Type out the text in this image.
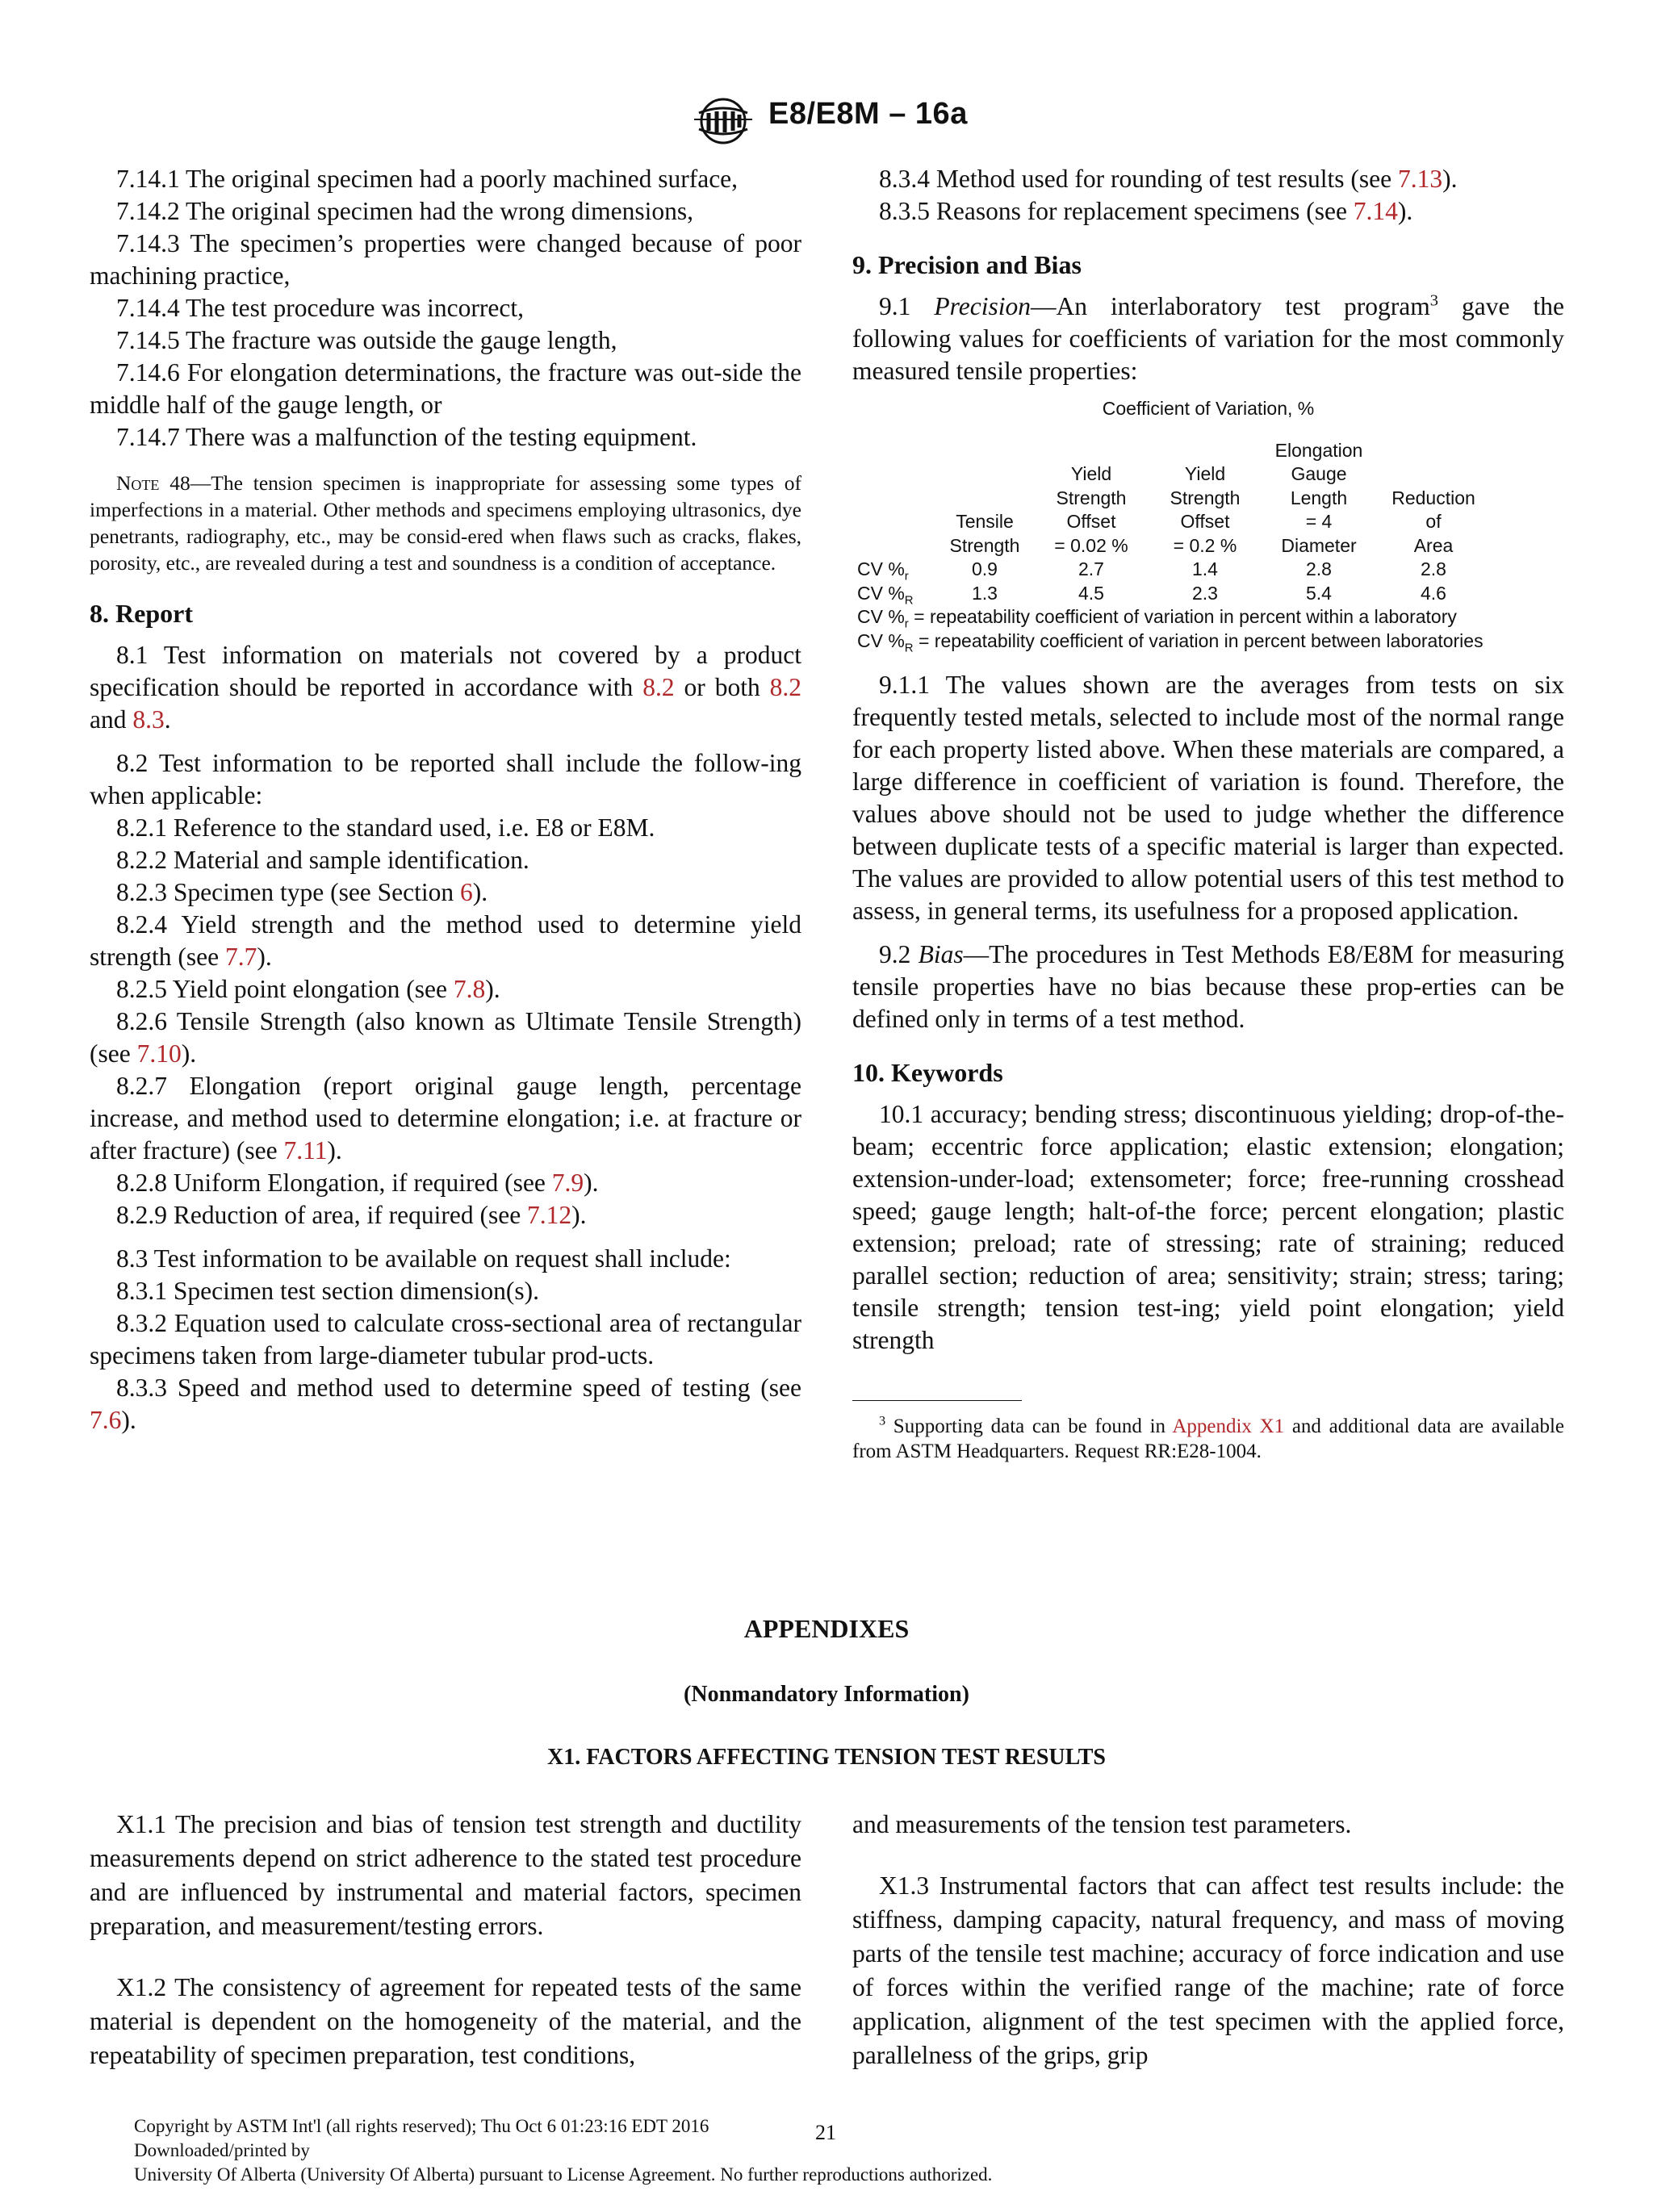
E8/E8M – 16a

7.14.1 The original specimen had a poorly machined surface,

7.14.2 The original specimen had the wrong dimensions,

7.14.3 The specimen’s properties were changed because of poor machining practice,

7.14.4 The test procedure was incorrect,

7.14.5 The fracture was outside the gauge length,

7.14.6 For elongation determinations, the fracture was out-side the middle half of the gauge length, or

7.14.7 There was a malfunction of the testing equipment.

Note 48—The tension specimen is inappropriate for assessing some types of imperfections in a material. Other methods and specimens employing ultrasonics, dye penetrants, radiography, etc., may be consid-ered when flaws such as cracks, flakes, porosity, etc., are revealed during a test and soundness is a condition of acceptance.

8. Report

8.1 Test information on materials not covered by a product specification should be reported in accordance with 8.2 or both 8.2 and 8.3.

8.2 Test information to be reported shall include the follow-ing when applicable:

8.2.1 Reference to the standard used, i.e. E8 or E8M.

8.2.2 Material and sample identification.

8.2.3 Specimen type (see Section 6).

8.2.4 Yield strength and the method used to determine yield strength (see 7.7).

8.2.5 Yield point elongation (see 7.8).

8.2.6 Tensile Strength (also known as Ultimate Tensile Strength) (see 7.10).

8.2.7 Elongation (report original gauge length, percentage increase, and method used to determine elongation; i.e. at fracture or after fracture) (see 7.11).

8.2.8 Uniform Elongation, if required (see 7.9).

8.2.9 Reduction of area, if required (see 7.12).

8.3 Test information to be available on request shall include:

8.3.1 Specimen test section dimension(s).

8.3.2 Equation used to calculate cross-sectional area of rectangular specimens taken from large-diameter tubular prod-ucts.

8.3.3 Speed and method used to determine speed of testing (see 7.6).

8.3.4 Method used for rounding of test results (see 7.13).

8.3.5 Reasons for replacement specimens (see 7.14).

9. Precision and Bias

9.1 Precision—An interlaboratory test program$^3$ gave the following values for coefficients of variation for the most commonly measured tensile properties:

Coefficient of Variation, %
				Elongation	
		Yield	Yield	Gauge	
		Strength	Strength	Length	Reduction
	Tensile	Offset	Offset	= 4	of
	Strength	= 0.02 %	= 0.2 %	Diameter	Area
CV $\%_r$	0.9	2.7	1.4	2.8	2.8
CV $\%_R$	1.3	4.5	2.3	5.4	4.6
CV $\%_r$ = repeatability coefficient of variation in percent within a laboratory
CV $\%_R$ = repeatability coefficient of variation in percent between laboratories

9.1.1 The values shown are the averages from tests on six frequently tested metals, selected to include most of the normal range for each property listed above. When these materials are compared, a large difference in coefficient of variation is found. Therefore, the values above should not be used to judge whether the difference between duplicate tests of a specific material is larger than expected. The values are provided to allow potential users of this test method to assess, in general terms, its usefulness for a proposed application.

9.2 Bias—The procedures in Test Methods E8/E8M for measuring tensile properties have no bias because these prop-erties can be defined only in terms of a test method.

10. Keywords

10.1 accuracy; bending stress; discontinuous yielding; drop-of-the-beam; eccentric force application; elastic extension; elongation; extension-under-load; extensometer; force; free-running crosshead speed; gauge length; halt-of-the force; percent elongation; plastic extension; preload; rate of stressing; rate of straining; reduced parallel section; reduction of area; sensitivity; strain; stress; taring; tensile strength; tension test-ing; yield point elongation; yield strength

$^3$ Supporting data can be found in Appendix X1 and additional data are available from ASTM Headquarters. Request RR:E28-1004.

APPENDIXES
(Nonmandatory Information)
X1. FACTORS AFFECTING TENSION TEST RESULTS

X1.1 The precision and bias of tension test strength and ductility measurements depend on strict adherence to the stated test procedure and are influenced by instrumental and material factors, specimen preparation, and measurement/testing errors.

X1.2 The consistency of agreement for repeated tests of the same material is dependent on the homogeneity of the material, and the repeatability of specimen preparation, test conditions,

and measurements of the tension test parameters.

X1.3 Instrumental factors that can affect test results include: the stiffness, damping capacity, natural frequency, and mass of moving parts of the tensile test machine; accuracy of force indication and use of forces within the verified range of the machine; rate of force application, alignment of the test specimen with the applied force, parallelness of the grips, grip

Copyright by ASTM Int'l (all rights reserved); Thu Oct 6 01:23:16 EDT 2016
Downloaded/printed by
University Of Alberta (University Of Alberta) pursuant to License Agreement. No further reproductions authorized.
21
